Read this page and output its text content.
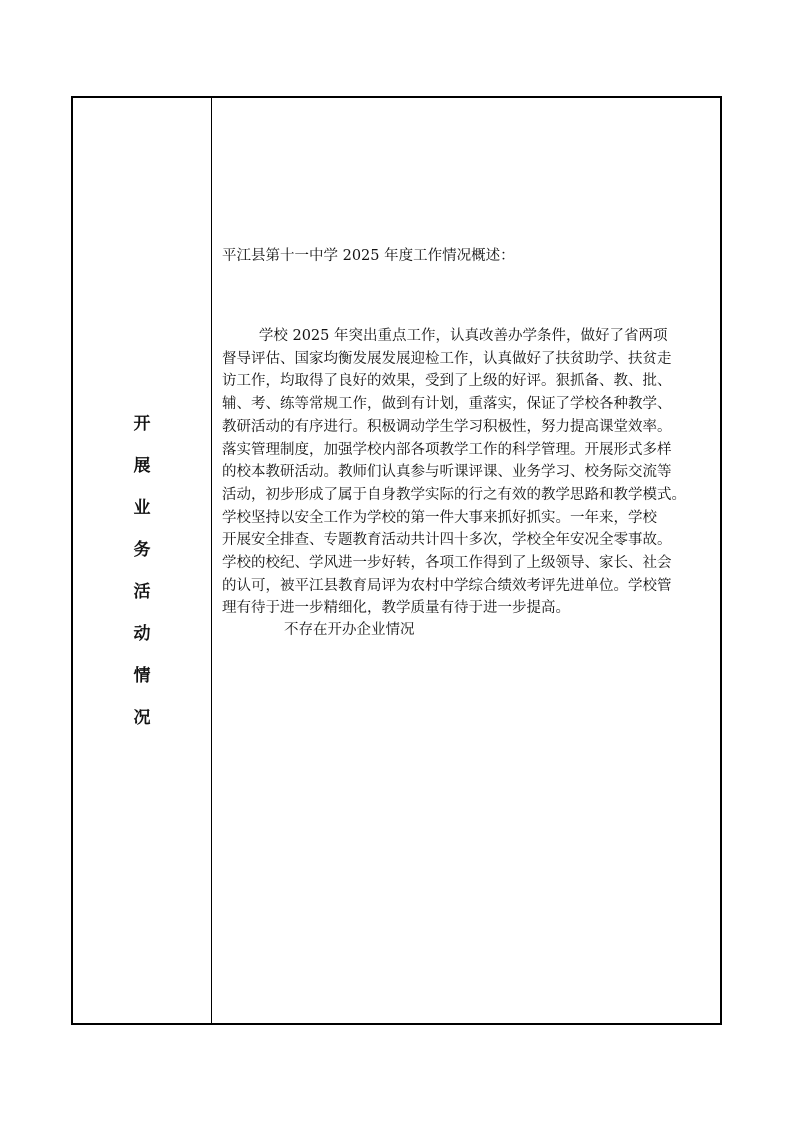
开
展
业
务
活
动
情
况
平江县第十一中学 2025 年度工作情况概述：
学校 2025 年突出重点工作，认真改善办学条件，做好了省两项
督导评估、国家均衡发展发展迎检工作，认真做好了扶贫助学、扶贫走
访工作，均取得了良好的效果，受到了上级的好评。狠抓备、教、批、
辅、考、练等常规工作，做到有计划，重落实，保证了学校各种教学、
教研活动的有序进行。积极调动学生学习积极性，努力提高课堂效率。
落实管理制度，加强学校内部各项教学工作的科学管理。开展形式多样
的校本教研活动。教师们认真参与听课评课、业务学习、校务际交流等
活动，初步形成了属于自身教学实际的行之有效的教学思路和教学模式。
学校坚持以安全工作为学校的第一件大事来抓好抓实。一年来，学校
开展安全排查、专题教育活动共计四十多次，学校全年安况全零事故。
学校的校纪、学风进一步好转，各项工作得到了上级领导、家长、社会
的认可，被平江县教育局评为农村中学综合绩效考评先进单位。学校管
理有待于进一步精细化，教学质量有待于进一步提高。
不存在开办企业情况
